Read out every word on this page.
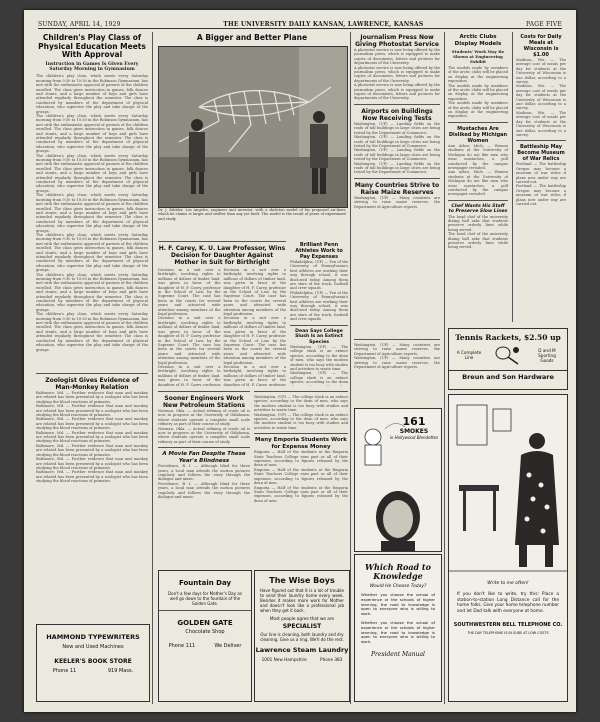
SUNDAY, APRIL 14, 1929	THE UNIVERSITY DAILY KANSAN, LAWRENCE, KANSAS	PAGE FIVE
Children's Play Class of Physical Education Meets With Approval
Instruction in Games Is Given Every Saturday Morning in Gymnasium
The children's play class, which meets every Saturday morning from 9:30 to 10:30 in the Robinson Gymnasium, has met with the enthusiastic approval of parents of the children enrolled. The class gives instruction in games, folk dances and stunts, and a large number of boys and girls have attended regularly throughout the semester. The class is conducted by members of the department of physical education, who supervise the play and take charge of the groups.
The children's play class, which meets every Saturday morning from 9:30 to 10:30 in the Robinson Gymnasium, has met with the enthusiastic approval of parents of the children enrolled. The class gives instruction in games, folk dances and stunts, and a large number of boys and girls have attended regularly throughout the semester. The class is conducted by members of the department of physical education, who supervise the play and take charge of the groups.
The children's play class, which meets every Saturday morning from 9:30 to 10:30 in the Robinson Gymnasium, has met with the enthusiastic approval of parents of the children enrolled. The class gives instruction in games, folk dances and stunts, and a large number of boys and girls have attended regularly throughout the semester. The class is conducted by members of the department of physical education, who supervise the play and take charge of the groups.
The children's play class, which meets every Saturday morning from 9:30 to 10:30 in the Robinson Gymnasium, has met with the enthusiastic approval of parents of the children enrolled. The class gives instruction in games, folk dances and stunts, and a large number of boys and girls have attended regularly throughout the semester. The class is conducted by members of the department of physical education, who supervise the play and take charge of the groups.
The children's play class, which meets every Saturday morning from 9:30 to 10:30 in the Robinson Gymnasium, has met with the enthusiastic approval of parents of the children enrolled. The class gives instruction in games, folk dances and stunts, and a large number of boys and girls have attended regularly throughout the semester. The class is conducted by members of the department of physical education, who supervise the play and take charge of the groups.
The children's play class, which meets every Saturday morning from 9:30 to 10:30 in the Robinson Gymnasium, has met with the enthusiastic approval of parents of the children enrolled. The class gives instruction in games, folk dances and stunts, and a large number of boys and girls have attended regularly throughout the semester. The class is conducted by members of the department of physical education, who supervise the play and take charge of the groups.
The children's play class, which meets every Saturday morning from 9:30 to 10:30 in the Robinson Gymnasium, has met with the enthusiastic approval of parents of the children enrolled. The class gives instruction in games, folk dances and stunts, and a large number of boys and girls have attended regularly throughout the semester. The class is conducted by members of the department of physical education, who supervise the play and take charge of the groups.
Zoologist Gives Evidence of Man-Monkey Relation
Baltimore, Md. — Further evidence that man and monkey are related has been presented by a zoologist who has been studying the blood reactions of primates.
Baltimore, Md. — Further evidence that man and monkey are related has been presented by a zoologist who has been studying the blood reactions of primates.
Baltimore, Md. — Further evidence that man and monkey are related has been presented by a zoologist who has been studying the blood reactions of primates.
Baltimore, Md. — Further evidence that man and monkey are related has been presented by a zoologist who has been studying the blood reactions of primates.
Baltimore, Md. — Further evidence that man and monkey are related has been presented by a zoologist who has been studying the blood reactions of primates.
Baltimore, Md. — Further evidence that man and monkey are related has been presented by a zoologist who has been studying the blood reactions of primates.
Baltimore, Md. — Further evidence that man and monkey are related has been presented by a zoologist who has been studying the blood reactions of primates.
HAMMOND TYPEWRITERS
New and Used Machines
KEELER'S BOOK STORE
Phone 11	919 Mass.
A Bigger and Better Plane
Dr. J. Ribbler, Los Angeles, engineer and inventor, with a skeleton model of his proposed air-liner, which he claims is larger and swifter than any yet built. The model is the result of years of experiment and study.
H. F. Carey, K. U. Law Professor, Wins Decision for Daughter Against Mother in Suit for Birthright
Decision in a suit over a birthright, involving rights to millions of dollars of timber land, was given in favor of the daughter of H. F. Carey, professor in the School of Law, by the Supreme Court. The case has been in the courts for several years and attracted wide attention among members of the legal profession.
Decision in a suit over a birthright, involving rights to millions of dollars of timber land, was given in favor of the daughter of H. F. Carey, professor in the School of Law, by the Supreme Court. The case has been in the courts for several years and attracted wide attention among members of the legal profession.
Decision in a suit over a birthright, involving rights to millions of dollars of timber land, was given in favor of the daughter of H. F. Carey, professor
Decision in a suit over a birthright, involving rights to millions of dollars of timber land, was given in favor of the daughter of H. F. Carey, professor in the School of Law, by the Supreme Court. The case has been in the courts for several years and attracted wide attention among members of the legal profession.
Decision in a suit over a birthright, involving rights to millions of dollars of timber land, was given in favor of the daughter of H. F. Carey, professor in the School of Law, by the Supreme Court. The case has been in the courts for several years and attracted wide attention among members of the legal profession.
Decision in a suit over a birthright, involving rights to millions of dollars of timber land, was given in favor of the daughter of H. F. Carey, professor
Brilliant Penn Athletes Work to Pay Expenses
Philadelphia, (UP) — Ten of the University of Pennsylvania's best athletes are working their way through school, it was disclosed today. Among them are stars of the track, football and crew squads.
Philadelphia, (UP) — Ten of the University of Pennsylvania's best athletes are working their way through school, it was disclosed today. Among them are stars of the track, football and crew squads.
Dean Says College Slush Is an Extinct Species
Washington, (UP) — The college slush is an extinct species, according to the dean of men, who says the modern student is too busy with studies and activities to waste time.
Washington, (UP) — The college slush is an extinct species, according to the dean
Sooner Engineers Work New Petroleum Stations
Norman, Okla. — Actual refining of crude oil is now in progress at the University of Oklahoma, where students operate a complete small scale refinery as part of their course of study.
Norman, Okla. — Actual refining of crude oil is now in progress at the University of Oklahoma, where students operate a complete small scale refinery as part of their course of study.
A Movie Fan Despite These Year's Blindness
Providence, R. I. — Although blind for three years, a local man attends the motion pictures regularly and follows the story through the dialogue and music.
Providence, R. I. — Although blind for three years, a local man attends the motion pictures regularly and follows the story through the dialogue and music.
Washington, (UP) — The college slush is an extinct species, according to the dean of men, who says the modern student is too busy with studies and activities to waste time.
Washington, (UP) — The college slush is an extinct species, according to the dean of men, who says the modern student is too busy with studies and activities to waste time.
Many Emporia Students Work for Expense Money
Emporia — Half of the students at the Emporia State Teachers College earn part or all of their expenses, according to figures released by the dean of men.
Emporia — Half of the students at the Emporia State Teachers College earn part or all of their expenses, according to figures released by the dean of men.
Emporia — Half of the students at the Emporia State Teachers College earn part or all of their expenses, according to figures released by the dean of men.
Fountain Day
Don't a few days for Mother's Day as well go down to the fountain of the Golden Gate.
GOLDEN GATE
Chocolate Shop
Phone 111	We Deliver
The Wise Boys
Have figured out that it is a lot of trouble to send their laundry home every week. Besides it makes more work for Mother and doesn't look like a professional job when they get it back.
Most people agree that we are
SPECIALIST
Our line is cleaning, both laundry and dry cleaning. Give us a ring. We'll do the rest.
Lawrence Steam Laundry
1001 New Hampshire	Phone 383
Journalism Press Now Giving Photostat Service
A photostat service is now being offered by the journalism press, which is equipped to make copies of documents, letters and pictures for departments of the University.
A photostat service is now being offered by the journalism press, which is equipped to make copies of documents, letters and pictures for departments of the University.
A photostat service is now being offered by the journalism press, which is equipped to make copies of documents, letters and pictures for departments of the University.
Airports on Buildings Now Receiving Tests
Washington, (UP) — Landing fields on the roofs of tall buildings in large cities are being tested by the Department of Commerce.
Washington, (UP) — Landing fields on the roofs of tall buildings in large cities are being tested by the Department of Commerce.
Washington, (UP) — Landing fields on the roofs of tall buildings in large cities are being tested by the Department of Commerce.
Washington, (UP) — Landing fields on the roofs of tall buildings in large cities are being tested by the Department of Commerce.
Many Countries Strive to Raise Maize Reserves
Washington, (UP) — Many countries are striving to raise maize reserves, the Department of Agriculture reports.
Washington, (UP) — Many countries are striving to raise maize reserves, the Department of Agriculture reports.
Washington, (UP) — Many countries are striving to raise maize reserves, the Department of Agriculture reports.
Arctic Clubs Display Models
Students' Work May Be Shown at Engineering Exhibit
The models made by members of the arctic clubs will be placed on display at the engineering exposition.
The models made by members of the arctic clubs will be placed on display at the engineering exposition.
The models made by members of the arctic clubs will be placed on display at the engineering exposition.
Mustaches Are Disliked by Michigan Women
Ann Arbor, Mich. — Women students at the University of Michigan do not like men who wear mustaches, a poll conducted by the campus newspaper revealed.
Ann Arbor, Mich. — Women students at the University of Michigan do not like men who wear mustaches, a poll conducted by the campus newspaper revealed.
Chef Wants His Staff to Preserve Slow Lines
The head chef of the university dining hall asks that students preserve orderly lines while being served.
The head chef of the university dining hall asks that students preserve orderly lines while being served.
Costs for Daily Meals at Wisconsin is $1.00
Madison, Wis. — The average cost of meals per day for students at the University of Wisconsin is one dollar, according to a survey.
Madison, Wis. — The average cost of meals per day for students at the University of Wisconsin is one dollar, according to a survey.
Madison, Wis. — The average cost of meals per day for students at the University of Wisconsin is one dollar, according to a survey.
Battleship May Become Museum of War Relics
Portland — The battleship Oregon may become a museum of war relics if plans now under way are carried out.
Portland — The battleship Oregon may become a museum of war relics if plans now under way are carried out.
Tennis Rackets, $2.50 up
A Complete Line
D and M Sporting Goods
Breun and Son Hardware

161
SMOKES
in Hollywood Blendettes
Which Road to Knowledge
Would He Choose Today?
Whether you choose the school of experience or the schools of higher learning, the road to knowledge is open to everyone who is willing to work.
Whether you choose the school of experience or the schools of higher learning, the road to knowledge is open to everyone who is willing to work.
President Manual
Write to me often!
If you don't like to write, try this: Place a station-to-station Long Distance call for the home folks. Give your home telephone number and let Dad talk with everyone at home.
SOUTHWESTERN BELL TELEPHONE CO.
THE DAY TELEPHONE IS IN SUBS AT LOW COSTS
